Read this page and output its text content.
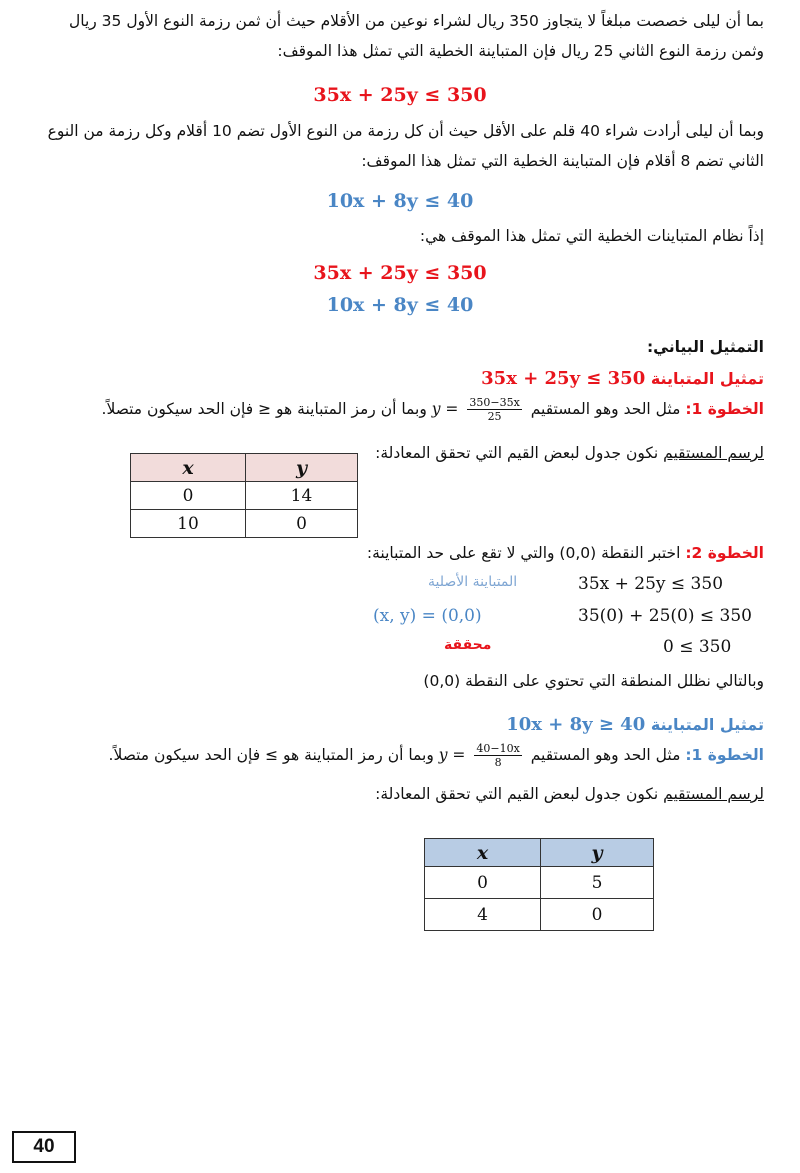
بما أن ليلى خصصت مبلغاً لا يتجاوز 350 ريال لشراء نوعين من الأقلام حيث أن ثمن رزمة النوع الأول 35 ريال
وثمن رزمة النوع الثاني 25 ريال فإن المتباينة الخطية التي تمثل هذا الموقف:
35x + 25y ≤ 350
وبما أن ليلى أرادت شراء 40 قلم على الأقل حيث أن كل رزمة من النوع الأول تضم 10 أقلام وكل رزمة من النوع
الثاني تضم 8 أقلام فإن المتباينة الخطية التي تمثل هذا الموقف:
10x + 8y ≤ 40
إذاً نظام المتباينات الخطية التي تمثل هذا الموقف هي:
35x + 25y ≤ 350
10x + 8y ≤ 40
التمثيل البياني:
تمثيل المتباينة 35x + 25y ≤ 350
الخطوة 1: مثل الحد وهو المستقيم
$\frac{350-35x}{25}$
y = وبما أن رمز المتباينة هو ≤ فإن الحد سيكون متصلاً.
لرسم المستقيم نكون جدول لبعض القيم التي تحقق المعادلة:
x	y
0	14
10	0
الخطوة 2: اختبر النقطة (0,0) والتي لا تقع على حد المتباينة:
المتباينة الأصلية	35x + 25y ≤ 350
(x, y) = (0,0)	35(0) + 25(0) ≤ 350
محققة	0 ≤ 350
وبالتالي نظلل المنطقة التي تحتوي على النقطة (0,0)
تمثيل المتباينة 10x + 8y ≥ 40
الخطوة 1: مثل الحد وهو المستقيم
$\frac{40-10x}{8}$
y = وبما أن رمز المتباينة هو ≥ فإن الحد سيكون متصلاً.
لرسم المستقيم نكون جدول لبعض القيم التي تحقق المعادلة:
x	y
0	5
4	0
40
